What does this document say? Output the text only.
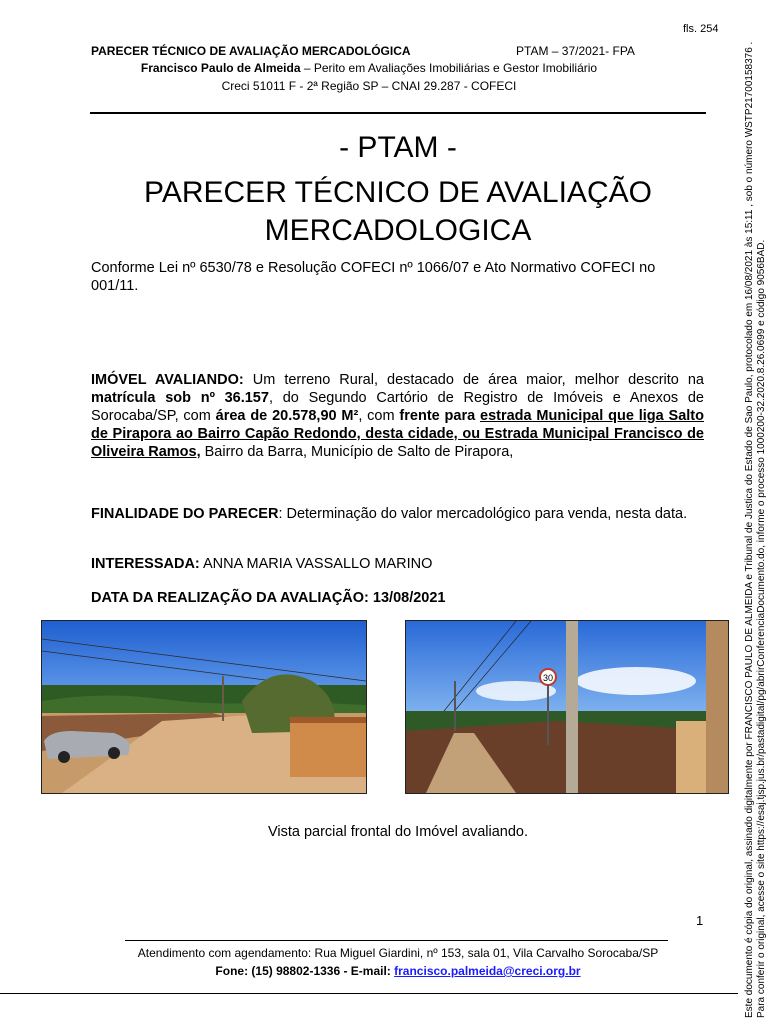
fls. 254
PARECER TÉCNICO DE AVALIAÇÃO MERCADOLÓGICA	PTAM – 37/2021- FPA
Francisco Paulo de Almeida – Perito em Avaliações Imobiliárias e Gestor Imobiliário
Creci 51011 F - 2ª Região SP – CNAI 29.287 - COFECI
- PTAM -
PARECER TÉCNICO DE AVALIAÇÃO
MERCADOLOGICA
Conforme Lei nº 6530/78 e Resolução COFECI nº 1066/07 e Ato Normativo COFECI no 001/11.
IMÓVEL AVALIANDO: Um terreno Rural, destacado de área maior, melhor descrito na matrícula sob nº 36.157, do Segundo Cartório de Registro de Imóveis e Anexos de Sorocaba/SP, com área de 20.578,90 M², com frente para estrada Municipal que liga Salto de Pirapora ao Bairro Capão Redondo, desta cidade, ou Estrada Municipal Francisco de Oliveira Ramos, Bairro da Barra, Município de Salto de Pirapora,
FINALIDADE DO PARECER: Determinação do valor mercadológico para venda, nesta data.
INTERESSADA: ANNA MARIA VASSALLO MARINO
DATA DA REALIZAÇÃO DA AVALIAÇÃO: 13/08/2021
30
Vista parcial frontal do Imóvel avaliando.
1
Atendimento com agendamento: Rua Miguel Giardini, nº 153, sala 01, Vila Carvalho Sorocaba/SP
Fone: (15) 98802-1336 - E-mail: francisco.palmeida@creci.org.br	Este documento é cópia do original, assinado digitalmente por FRANCISCO PAULO DE ALMEIDA e Tribunal de Justica do Estado de Sao Paulo, protocolado em 16/08/2021 às 15:11 , sob o número WSTP21700158376 . Para conferir o original, acesse o site https://esaj.tjsp.jus.br/pastadigital/pg/abrirConferenciaDocumento.do, informe o processo 1000200-32.2020.8.26.0699 e código 9056BAD.
